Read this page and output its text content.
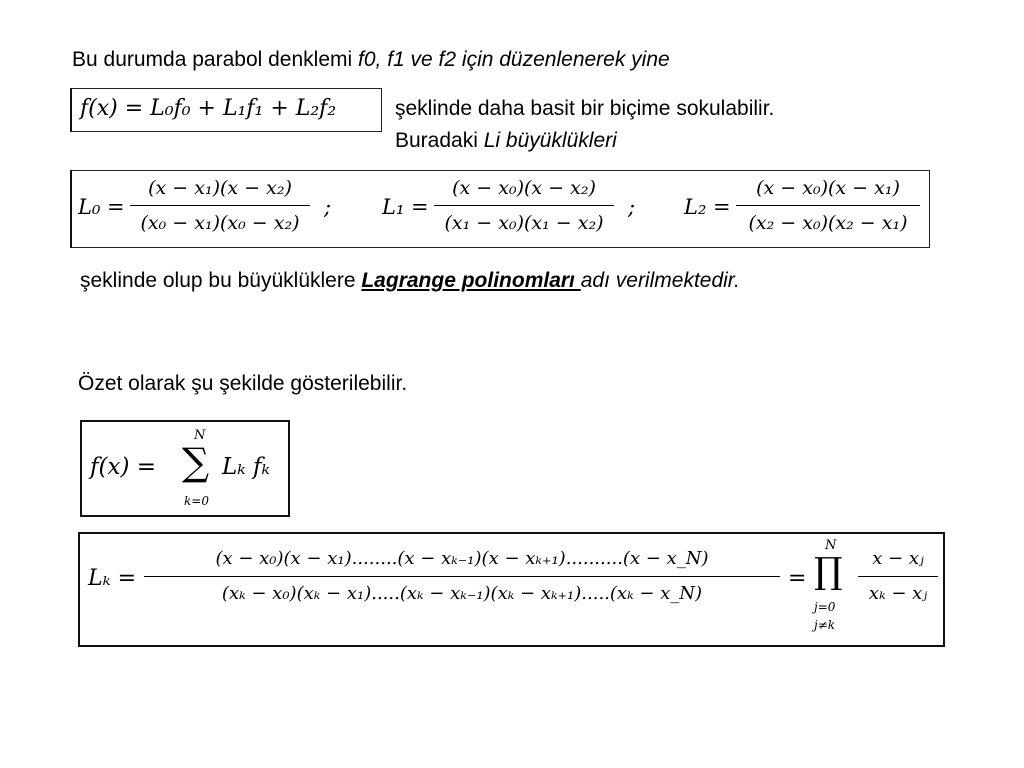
Bu durumda parabol denklemi f0, f1 ve f2 için düzenlenerek yine
f(x) = L₀f₀ + L₁f₁ + L₂f₂	şeklinde daha basit bir biçime sokulabilir.
Buradaki Li büyüklükleri
L₀ =
(x − x₁)(x − x₂)
(x₀ − x₁)(x₀ − x₂)
; L₁ =
(x − x₀)(x − x₂)
(x₁ − x₀)(x₁ − x₂)
; L₂ =
(x − x₀)(x − x₁)
(x₂ − x₀)(x₂ − x₁)
şeklinde olup bu büyüklüklere Lagrange polinomları adı verilmektedir.
Özet olarak şu şekilde gösterilebilir.
f(x) =
N
∑
k=0
Lₖ fₖ
Lₖ =
(x − x₀)(x − x₁)........(x − xₖ₋₁)(x − xₖ₊₁)..........(x − x_N)
(xₖ − x₀)(xₖ − x₁).....(xₖ − xₖ₋₁)(xₖ − xₖ₊₁).....(xₖ − x_N)
=
N
∏
j=0
j≠k
x − xⱼ
xₖ − xⱼ
